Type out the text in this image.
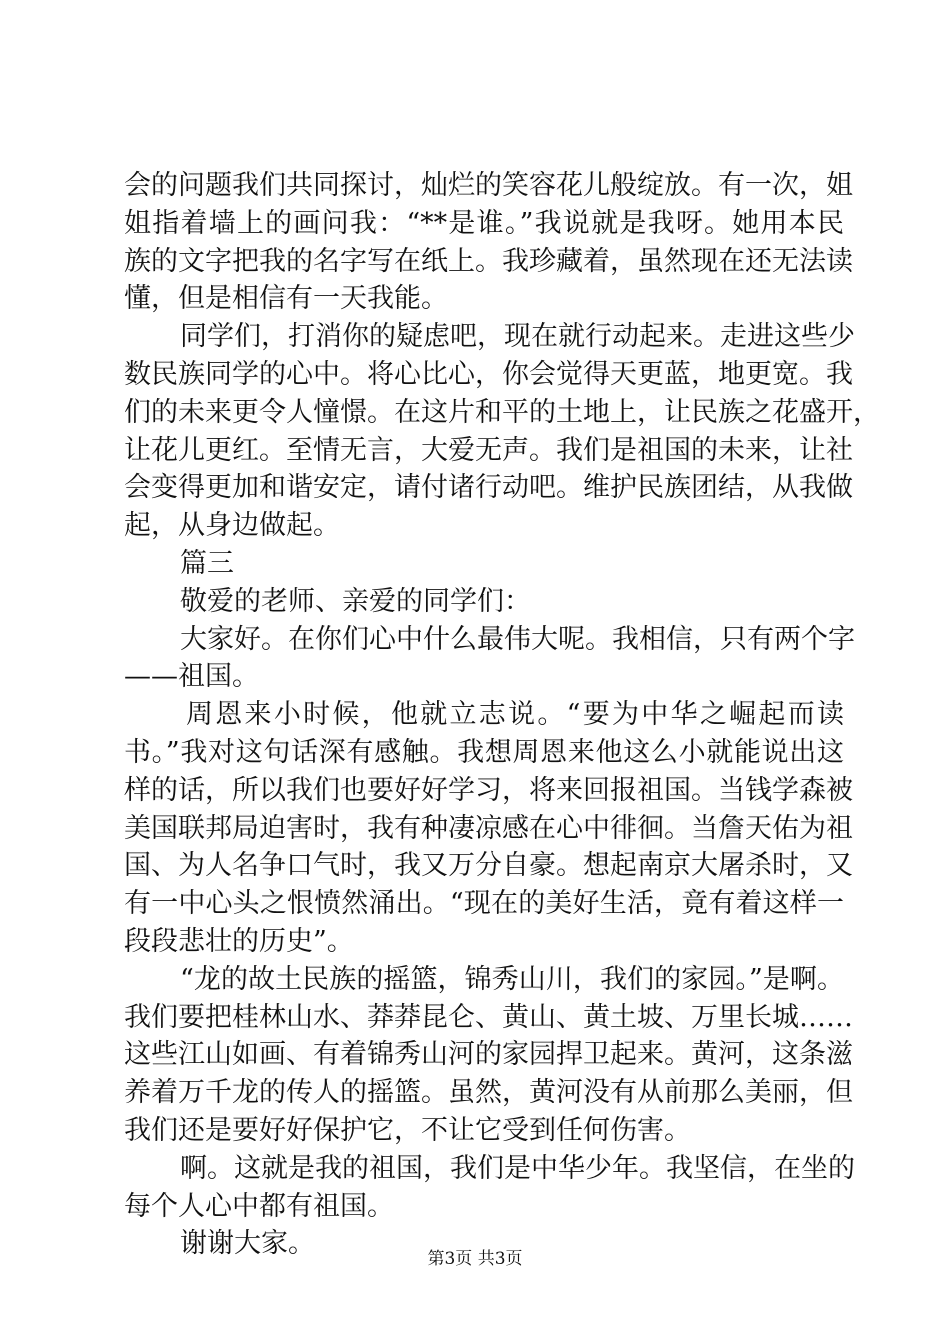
会的问题我们共同探讨，灿烂的笑容花儿般绽放。有一次，姐
姐指着墙上的画问我：“**是谁。”我说就是我呀。她用本民
族的文字把我的名字写在纸上。我珍藏着，虽然现在还无法读
懂，但是相信有一天我能。
同学们，打消你的疑虑吧，现在就行动起来。走进这些少
数民族同学的心中。将心比心，你会觉得天更蓝，地更宽。我
们的未来更令人憧憬。在这片和平的土地上，让民族之花盛开，
让花儿更红。至情无言，大爱无声。我们是祖国的未来，让社
会变得更加和谐安定，请付诸行动吧。维护民族团结，从我做
起，从身边做起。
篇三
敬爱的老师、亲爱的同学们：
大家好。在你们心中什么最伟大呢。我相信，只有两个字
——祖国。
周恩来小时候，他就立志说。“要为中华之崛起而读
书。”我对这句话深有感触。我想周恩来他这么小就能说出这
样的话，所以我们也要好好学习，将来回报祖国。当钱学森被
美国联邦局迫害时，我有种凄凉感在心中徘徊。当詹天佑为祖
国、为人名争口气时，我又万分自豪。想起南京大屠杀时，又
有一中心头之恨愤然涌出。“现在的美好生活，竟有着这样一
段段悲壮的历史”。
“龙的故土民族的摇篮，锦秀山川，我们的家园。”是啊。
我们要把桂林山水、莽莽昆仑、黄山、黄土坡、万里长城……
这些江山如画、有着锦秀山河的家园捍卫起来。黄河，这条滋
养着万千龙的传人的摇篮。虽然，黄河没有从前那么美丽，但
我们还是要好好保护它，不让它受到任何伤害。
啊。这就是我的祖国，我们是中华少年。我坚信，在坐的
每个人心中都有祖国。
谢谢大家。	第3页 共3页
